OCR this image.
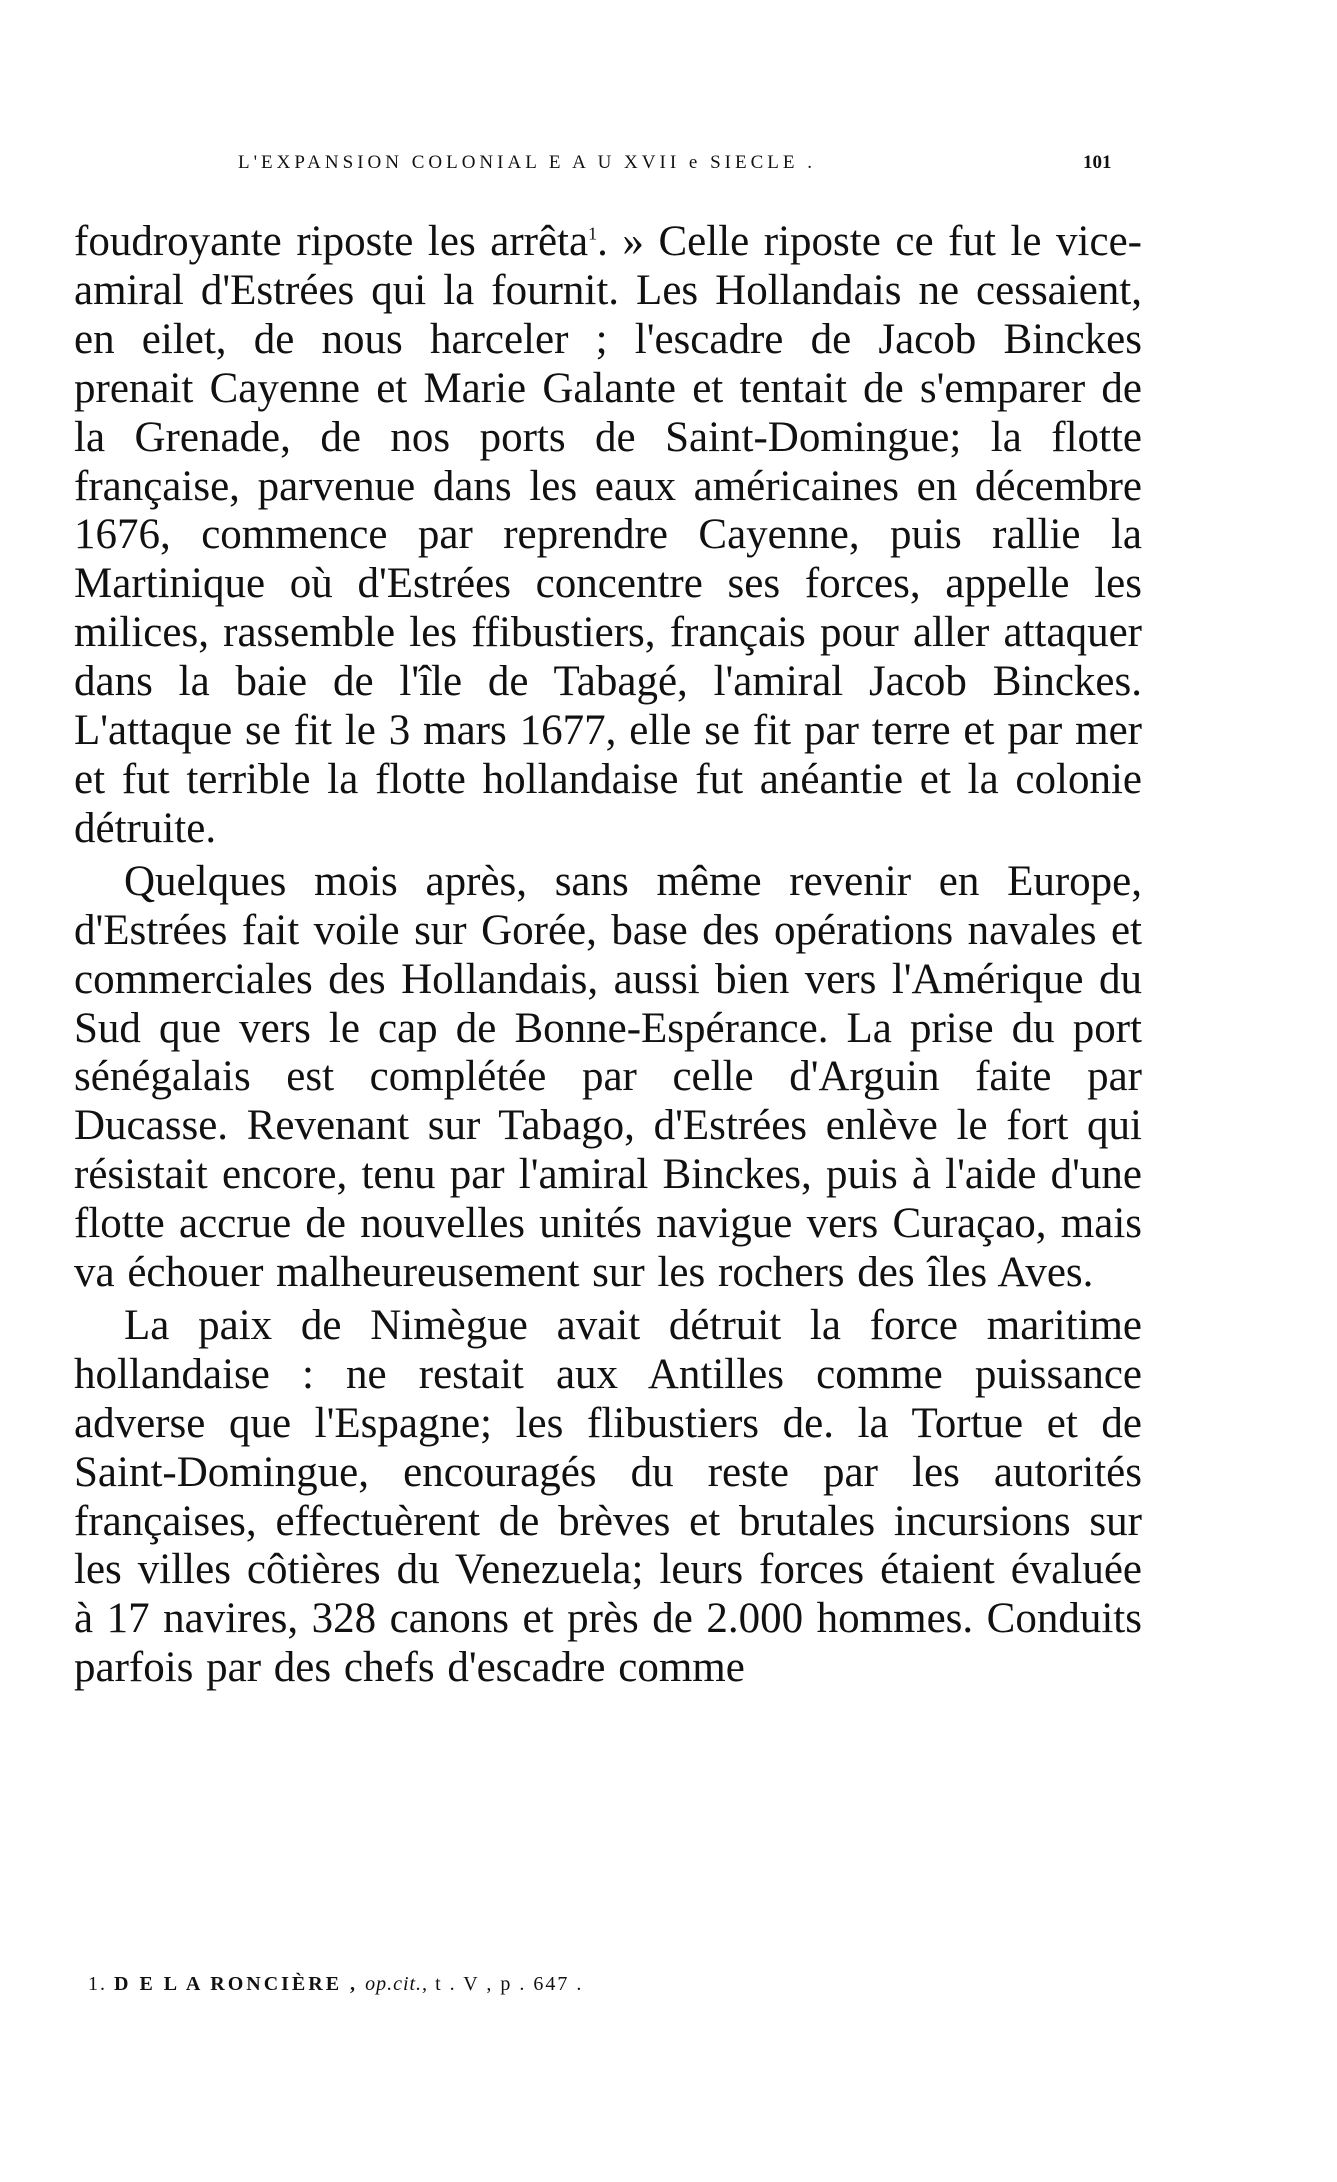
L'EXPANSION COLONIAL E A U XVII e SIECLE .	101

foudroyante riposte les arrêta$^1$. » Celle riposte ce fut le vice-amiral d'Estrées qui la fournit. Les Hollandais ne cessaient, en eilet, de nous harceler ; l'escadre de Jacob Binckes prenait Cayenne et Marie Galante et tentait de s'emparer de la Grenade, de nos ports de Saint-Domingue; la flotte française, parvenue dans les eaux américaines en décembre 1676, commence par reprendre Cayenne, puis rallie la Martinique où d'Estrées concentre ses forces, appelle les milices, rassemble les ffibustiers, français pour aller attaquer dans la baie de l'île de Tabagé, l'amiral Jacob Binckes. L'attaque se fit le 3 mars 1677, elle se fit par terre et par mer et fut terrible la flotte hollandaise fut anéantie et la colonie détruite.

Quelques mois après, sans même revenir en Europe, d'Estrées fait voile sur Gorée, base des opérations navales et commerciales des Hollandais, aussi bien vers l'Amérique du Sud que vers le cap de Bonne-Espérance. La prise du port sénégalais est complétée par celle d'Arguin faite par Ducasse. Revenant sur Tabago, d'Estrées enlève le fort qui résistait encore, tenu par l'amiral Binckes, puis à l'aide d'une flotte accrue de nouvelles unités navigue vers Curaçao, mais va échouer malheureusement sur les rochers des îles Aves.

La paix de Nimègue avait détruit la force maritime hollandaise : ne restait aux Antilles comme puissance adverse que l'Espagne; les flibustiers de. la Tortue et de Saint-Domingue, encouragés du reste par les autorités françaises, effectuèrent de brèves et brutales incursions sur les villes côtières du Venezuela; leurs forces étaient évaluée à 17 navires, 328 canons et près de 2.000 hommes. Conduits parfois par des chefs d'escadre comme

1. D E L A RONCIÈRE , op.cit., t . V , p . 647 .
